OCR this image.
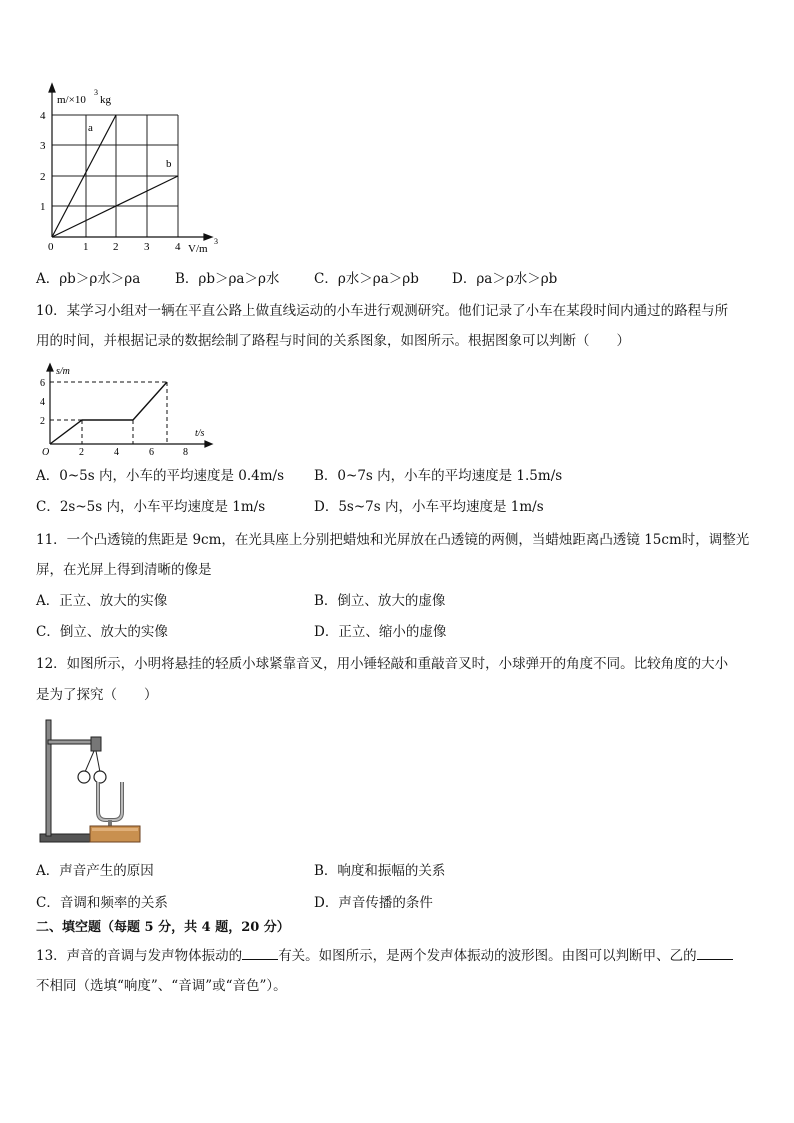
m/×10
3
kg
V/m
3
0	1 2 3 4
1
2
3
4
a
b
A．ρb＞ρ水＞ρa	B．ρb＞ρa＞ρ水	C．ρ水＞ρa＞ρb D．ρa＞ρ水＞ρb
10．某学习小组对一辆在平直公路上做直线运动的小车进行观测研究。他们记录了小车在某段时间内通过的路程与所
用的时间，并根据记录的数据绘制了路程与时间的关系图象，如图所示。根据图象可以判断（　　）
s/m
t/s
O
2
4
6
2	4	6	8
A．0~5s 内，小车的平均速度是 0.4m/s B．0~7s 内，小车的平均速度是 1.5m/s
C．2s~5s 内，小车平均速度是 1m/s	D．5s~7s 内，小车平均速度是 1m/s
11．一个凸透镜的焦距是 9cm，在光具座上分别把蜡烛和光屏放在凸透镜的两侧，当蜡烛距离凸透镜 15cm时，调整光
屏，在光屏上得到清晰的像是
A．正立、放大的实像	B．倒立、放大的虚像
C．倒立、放大的实像	D．正立、缩小的虚像
12．如图所示，小明将悬挂的轻质小球紧靠音叉，用小锤轻敲和重敲音叉时，小球弹开的角度不同。比较角度的大小
是为了探究（　　）
A．声音产生的原因	B．响度和振幅的关系
C．音调和频率的关系	D．声音传播的条件
二、填空题（每题 5 分，共 4 题，20 分）
13．声音的音调与发声物体振动的	有关。如图所示，是两个发声体振动的波形图。由图可以判断甲、乙的
不相同（选填“响度”、“音调”或“音色”）。
